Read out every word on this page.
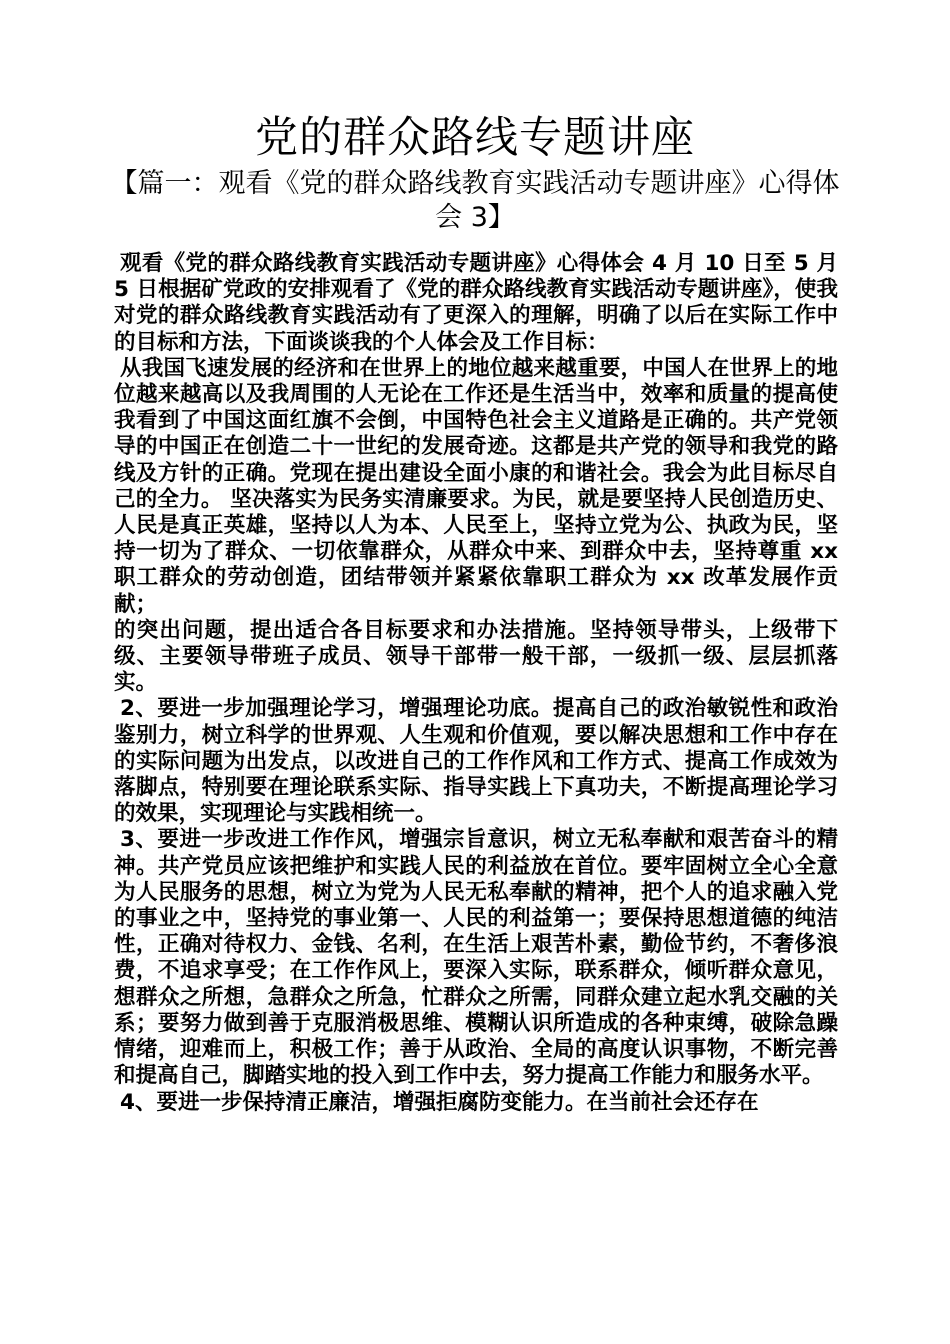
党的群众路线专题讲座
【篇一：观看《党的群众路线教育实践活动专题讲座》心得体会 3】

观看《党的群众路线教育实践活动专题讲座》心得体会 4 月 10 日至 5 月 5 日根据矿党政的安排观看了《党的群众路线教育实践活动专题讲座》，使我对党的群众路线教育实践活动有了更深入的理解，明确了以后在实际工作中的目标和方法，下面谈谈我的个人体会及工作目标：

从我国飞速发展的经济和在世界上的地位越来越重要，中国人在世界上的地位越来越高以及我周围的人无论在工作还是生活当中，效率和质量的提高使我看到了中国这面红旗不会倒，中国特色社会主义道路是正确的。共产党领导的中国正在创造二十一世纪的发展奇迹。这都是共产党的领导和我党的路线及方针的正确。党现在提出建设全面小康的和谐社会。我会为此目标尽自己的全力。 坚决落实为民务实清廉要求。为民，就是要坚持人民创造历史、人民是真正英雄，坚持以人为本、人民至上，坚持立党为公、执政为民，坚持一切为了群众、一切依靠群众，从群众中来、到群众中去，坚持尊重 xx 职工群众的劳动创造，团结带领并紧紧依靠职工群众为 xx 改革发展作贡献；

的突出问题，提出适合各目标要求和办法措施。坚持领导带头，上级带下级、主要领导带班子成员、领导干部带一般干部，一级抓一级、层层抓落实。

2、要进一步加强理论学习，增强理论功底。提高自己的政治敏锐性和政治鉴别力，树立科学的世界观、人生观和价值观，要以解决思想和工作中存在的实际问题为出发点，以改进自己的工作作风和工作方式、提高工作成效为落脚点，特别要在理论联系实际、指导实践上下真功夫，不断提高理论学习的效果，实现理论与实践相统一。

3、要进一步改进工作作风，增强宗旨意识，树立无私奉献和艰苦奋斗的精神。共产党员应该把维护和实践人民的利益放在首位。要牢固树立全心全意为人民服务的思想，树立为党为人民无私奉献的精神，把个人的追求融入党的事业之中，坚持党的事业第一、人民的利益第一；要保持思想道德的纯洁性，正确对待权力、金钱、名利，在生活上艰苦朴素，勤俭节约，不奢侈浪费，不追求享受；在工作作风上，要深入实际，联系群众，倾听群众意见，想群众之所想，急群众之所急，忙群众之所需，同群众建立起水乳交融的关系；要努力做到善于克服消极思维、模糊认识所造成的各种束缚，破除急躁情绪，迎难而上，积极工作；善于从政治、全局的高度认识事物，不断完善和提高自己，脚踏实地的投入到工作中去，努力提高工作能力和服务水平。

4、要进一步保持清正廉洁，增强拒腐防变能力。在当前社会还存在
